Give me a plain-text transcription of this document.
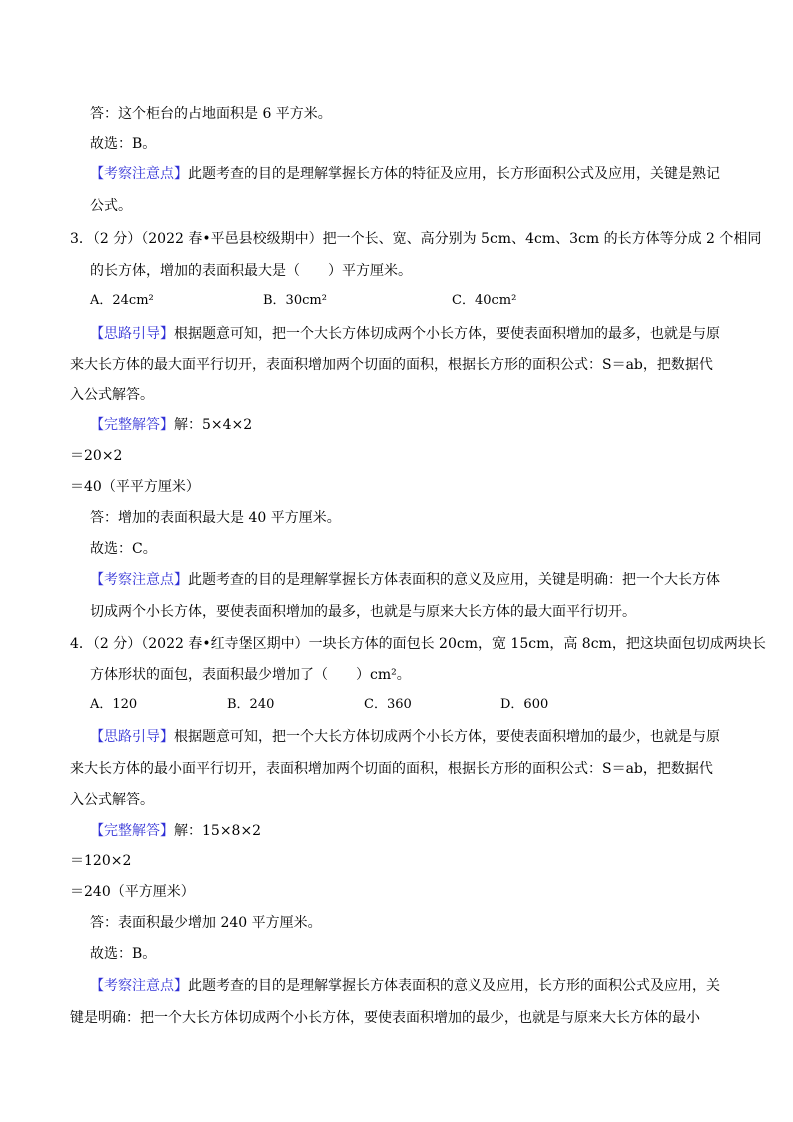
答：这个柜台的占地面积是 6 平方米。
故选：B。
【考察注意点】此题考查的目的是理解掌握长方体的特征及应用，长方形面积公式及应用，关键是熟记
公式。
3．（2 分）（2022 春•平邑县校级期中）把一个长、宽、高分别为 5cm、4cm、3cm 的长方体等分成 2 个相同
的长方体，增加的表面积最大是（　　）平方厘米。
A．24cm²	B．30cm²	C．40cm²
【思路引导】根据题意可知，把一个大长方体切成两个小长方体，要使表面积增加的最多，也就是与原
来大长方体的最大面平行切开，表面积增加两个切面的面积，根据长方形的面积公式：S＝ab，把数据代
入公式解答。
【完整解答】解：5×4×2
＝20×2
＝40（平平方厘米）
答：增加的表面积最大是 40 平方厘米。
故选：C。
【考察注意点】此题考查的目的是理解掌握长方体表面积的意义及应用，关键是明确：把一个大长方体
切成两个小长方体，要使表面积增加的最多，也就是与原来大长方体的最大面平行切开。
4．（2 分）（2022 春•红寺堡区期中）一块长方体的面包长 20cm，宽 15cm，高 8cm，把这块面包切成两块长
方体形状的面包，表面积最少增加了（　　）cm²。
A．120	B．240	C．360	D．600
【思路引导】根据题意可知，把一个大长方体切成两个小长方体，要使表面积增加的最少，也就是与原
来大长方体的最小面平行切开，表面积增加两个切面的面积，根据长方形的面积公式：S＝ab，把数据代
入公式解答。
【完整解答】解：15×8×2
＝120×2
＝240（平方厘米）
答：表面积最少增加 240 平方厘米。
故选：B。
【考察注意点】此题考查的目的是理解掌握长方体表面积的意义及应用，长方形的面积公式及应用，关
键是明确：把一个大长方体切成两个小长方体，要使表面积增加的最少，也就是与原来大长方体的最小
